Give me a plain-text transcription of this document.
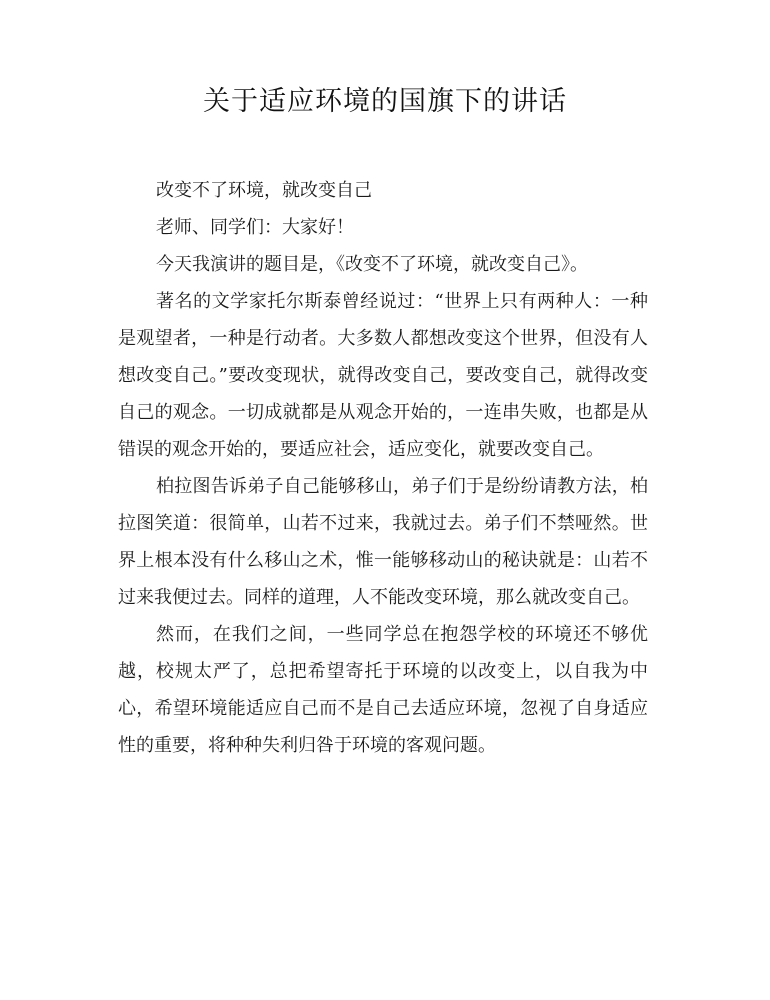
关于适应环境的国旗下的讲话

改变不了环境，就改变自己

老师、同学们：大家好！

今天我演讲的题目是，《改变不了环境，就改变自己》。

著名的文学家托尔斯泰曾经说过：“世界上只有两种人：一种是观望者，一种是行动者。大多数人都想改变这个世界，但没有人想改变自己。”要改变现状，就得改变自己，要改变自己，就得改变自己的观念。一切成就都是从观念开始的，一连串失败，也都是从错误的观念开始的，要适应社会，适应变化，就要改变自己。

柏拉图告诉弟子自己能够移山，弟子们于是纷纷请教方法，柏拉图笑道：很简单，山若不过来，我就过去。弟子们不禁哑然。世界上根本没有什么移山之术，惟一能够移动山的秘诀就是：山若不过来我便过去。同样的道理，人不能改变环境，那么就改变自己。

然而，在我们之间，一些同学总在抱怨学校的环境还不够优越，校规太严了，总把希望寄托于环境的以改变上，以自我为中心，希望环境能适应自己而不是自己去适应环境，忽视了自身适应性的重要，将种种失利归咎于环境的客观问题。
